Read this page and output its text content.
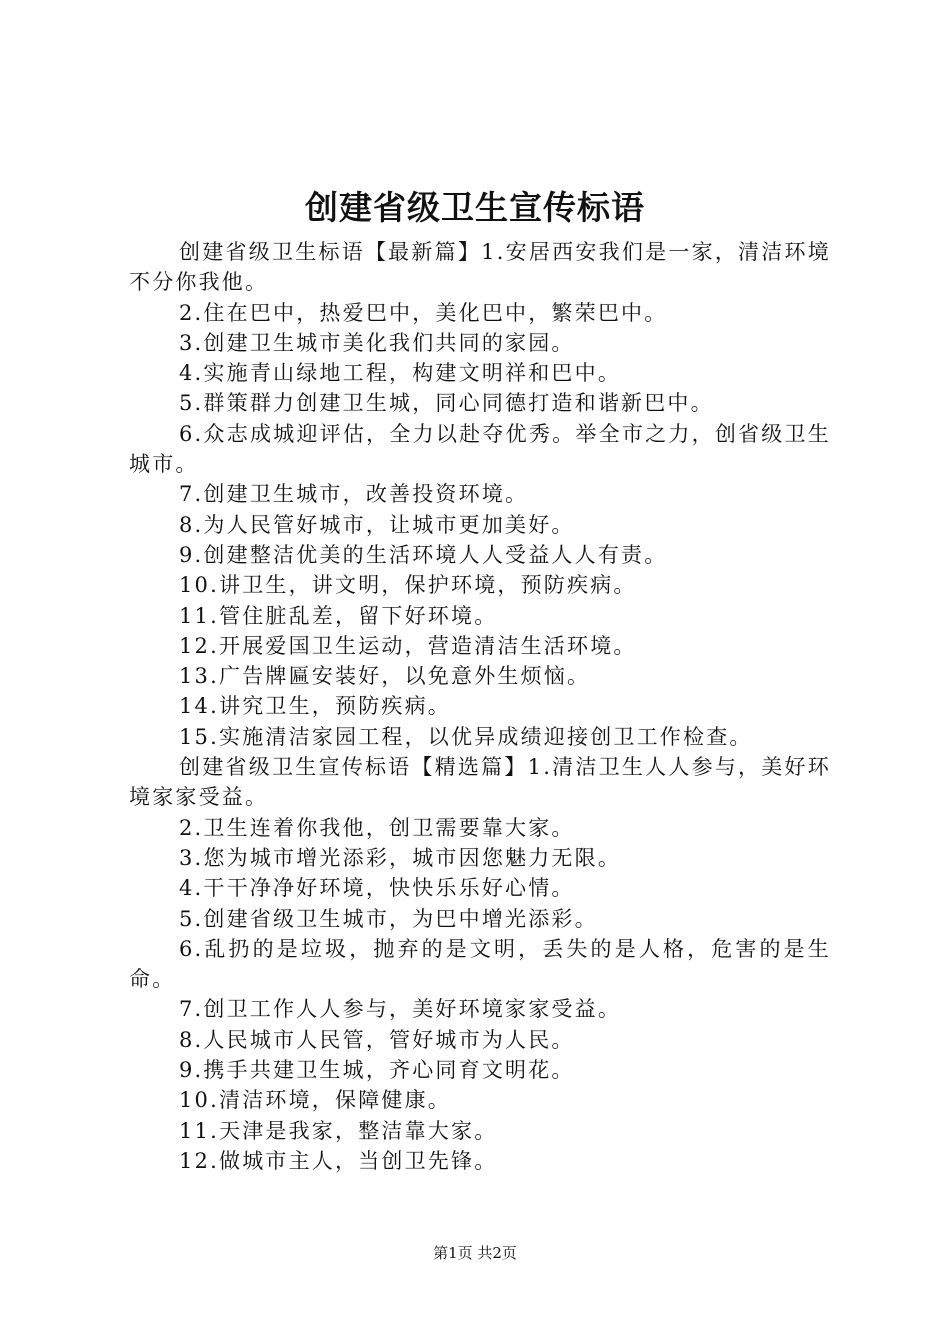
创建省级卫生宣传标语

创建省级卫生标语【最新篇】1.安居西安我们是一家，清洁环境不分你我他。

2.住在巴中，热爱巴中，美化巴中，繁荣巴中。

3.创建卫生城市美化我们共同的家园。

4.实施青山绿地工程，构建文明祥和巴中。

5.群策群力创建卫生城，同心同德打造和谐新巴中。

6.众志成城迎评估，全力以赴夺优秀。举全市之力，创省级卫生城市。

7.创建卫生城市，改善投资环境。

8.为人民管好城市，让城市更加美好。

9.创建整洁优美的生活环境人人受益人人有责。

10.讲卫生，讲文明，保护环境，预防疾病。

11.管住脏乱差，留下好环境。

12.开展爱国卫生运动，营造清洁生活环境。

13.广告牌匾安装好，以免意外生烦恼。

14.讲究卫生，预防疾病。

15.实施清洁家园工程，以优异成绩迎接创卫工作检查。

创建省级卫生宣传标语【精选篇】1.清洁卫生人人参与，美好环境家家受益。

2.卫生连着你我他，创卫需要靠大家。

3.您为城市增光添彩，城市因您魅力无限。

4.干干净净好环境，快快乐乐好心情。

5.创建省级卫生城市，为巴中增光添彩。

6.乱扔的是垃圾，抛弃的是文明，丢失的是人格，危害的是生命。

7.创卫工作人人参与，美好环境家家受益。

8.人民城市人民管，管好城市为人民。

9.携手共建卫生城，齐心同育文明花。

10.清洁环境，保障健康。

11.天津是我家，整洁靠大家。

12.做城市主人，当创卫先锋。

第1页 共2页
